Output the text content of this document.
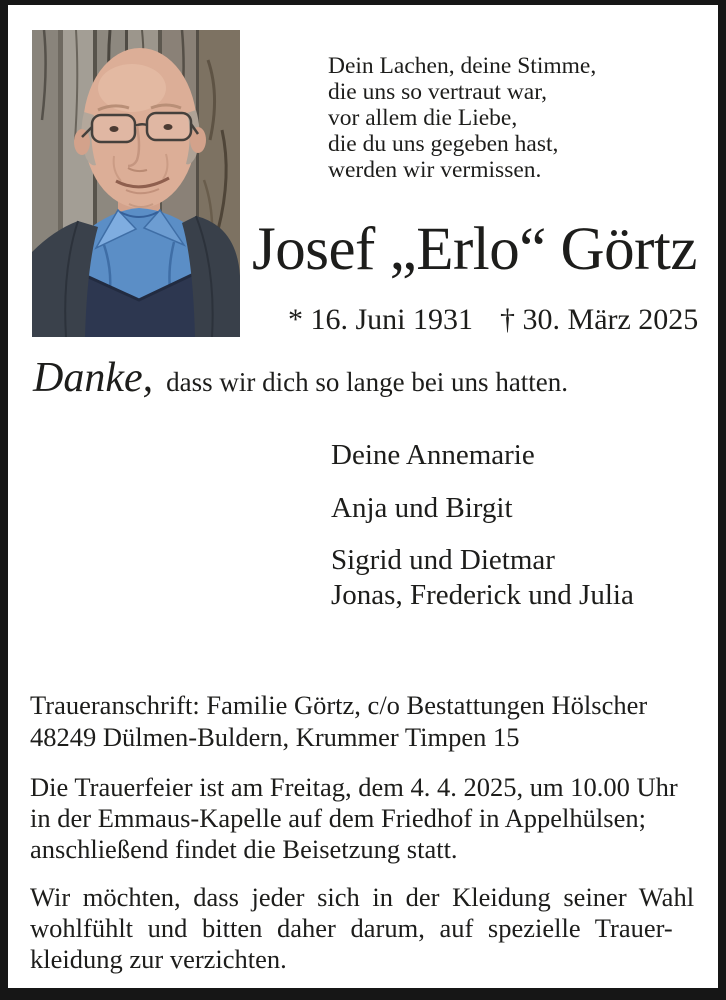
Dein Lachen, deine Stimme,
die uns so vertraut war,
vor allem die Liebe,
die du uns gegeben hast,
werden wir vermissen.
Josef „Erlo“ Görtz
* 16. Juni 1931 † 30. März 2025
Danke, dass wir dich so lange bei uns hatten.
Deine Annemarie
Anja und Birgit
Sigrid und Dietmar
Jonas, Frederick und Julia
Traueranschrift: Familie Görtz, c/o Bestattungen Hölscher
48249 Dülmen-Buldern, Krummer Timpen 15
Die Trauerfeier ist am Freitag, dem 4. 4. 2025, um 10.00 Uhr
in der Emmaus-Kapelle auf dem Friedhof in Appelhülsen;
anschließend findet die Beisetzung statt.
Wir möchten, dass jeder sich in der Kleidung seiner Wahl
wohlfühlt und bitten daher darum, auf spezielle Trauer-
kleidung zur verzichten.
